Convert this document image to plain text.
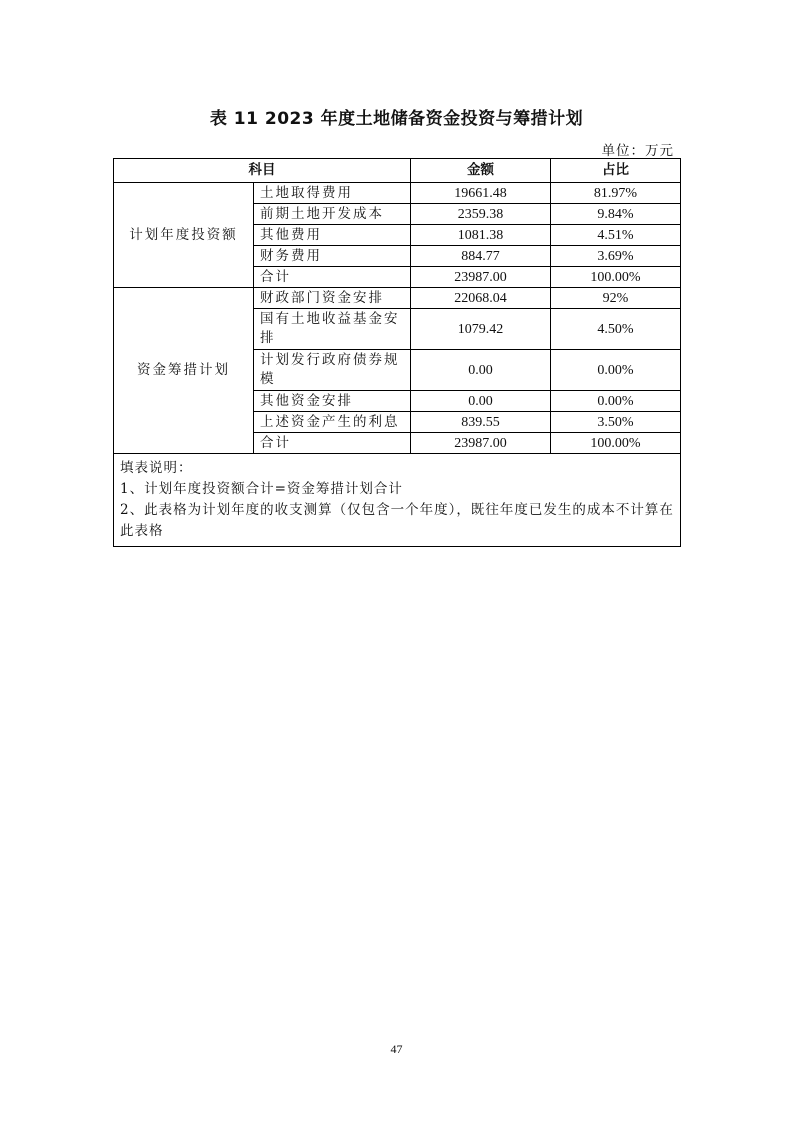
表 11 2023 年度土地储备资金投资与筹措计划
单位：万元
科目		金额	占比
计划年度投资额	土地取得费用	19661.48	81.97%
	前期土地开发成本	2359.38	9.84%
	其他费用	1081.38	4.51%
	财务费用	884.77	3.69%
	合计	23987.00	100.00%
资金筹措计划	财政部门资金安排	22068.04	92%
	国有土地收益基金安排	1079.42	4.50%
	计划发行政府债券规模	0.00	0.00%
	其他资金安排	0.00	0.00%
	上述资金产生的利息	839.55	3.50%
	合计	23987.00	100.00%

填表说明：
1、计划年度投资额合计=资金筹措计划合计
2、此表格为计划年度的收支测算（仅包含一个年度），既往年度已发生的成本不计算在此表格			
47
